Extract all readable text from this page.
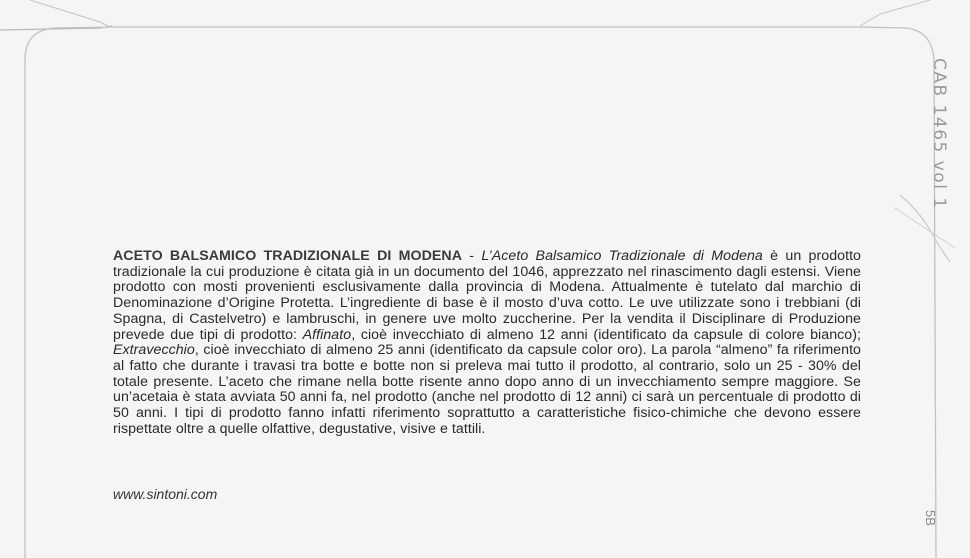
ACETO BALSAMICO TRADIZIONALE DI MODENA - L’Aceto Balsamico Tradizionale di Modena è un prodotto tradizionale la cui produzione è citata già in un documento del 1046, apprezzato nel rinascimento dagli estensi. Viene prodotto con mosti provenienti esclusivamente dalla provincia di Modena. Attualmente è tutelato dal marchio di Denominazione d’Origine Protetta. L’ingrediente di base è il mosto d’uva cotto. Le uve utilizzate sono i trebbiani (di Spagna, di Castelvetro) e lambruschi, in genere uve molto zuccherine. Per la vendita il Disciplinare di Produzione prevede due tipi di prodotto: Affinato, cioè invecchiato di almeno 12 anni (identificato da capsule di colore bianco); Extravecchio, cioè invecchiato di almeno 25 anni (identificato da capsule color oro). La parola “almeno” fa riferimento al fatto che durante i travasi tra botte e botte non si preleva mai tutto il prodotto, al contrario, solo un 25 - 30% del totale presente. L’aceto che rimane nella botte risente anno dopo anno di un invecchiamento sempre maggiore. Se un’acetaia è stata avviata 50 anni fa, nel prodotto (anche nel prodotto di 12 anni) ci sarà un percentuale di prodotto di 50 anni. I tipi di prodotto fanno infatti riferimento soprattutto a caratteristiche fisico-chimiche che devono essere rispettate oltre a quelle olfattive, degustative, visive e tattili.
www.sintoni.com
CAB 1465 vol 1
5B
